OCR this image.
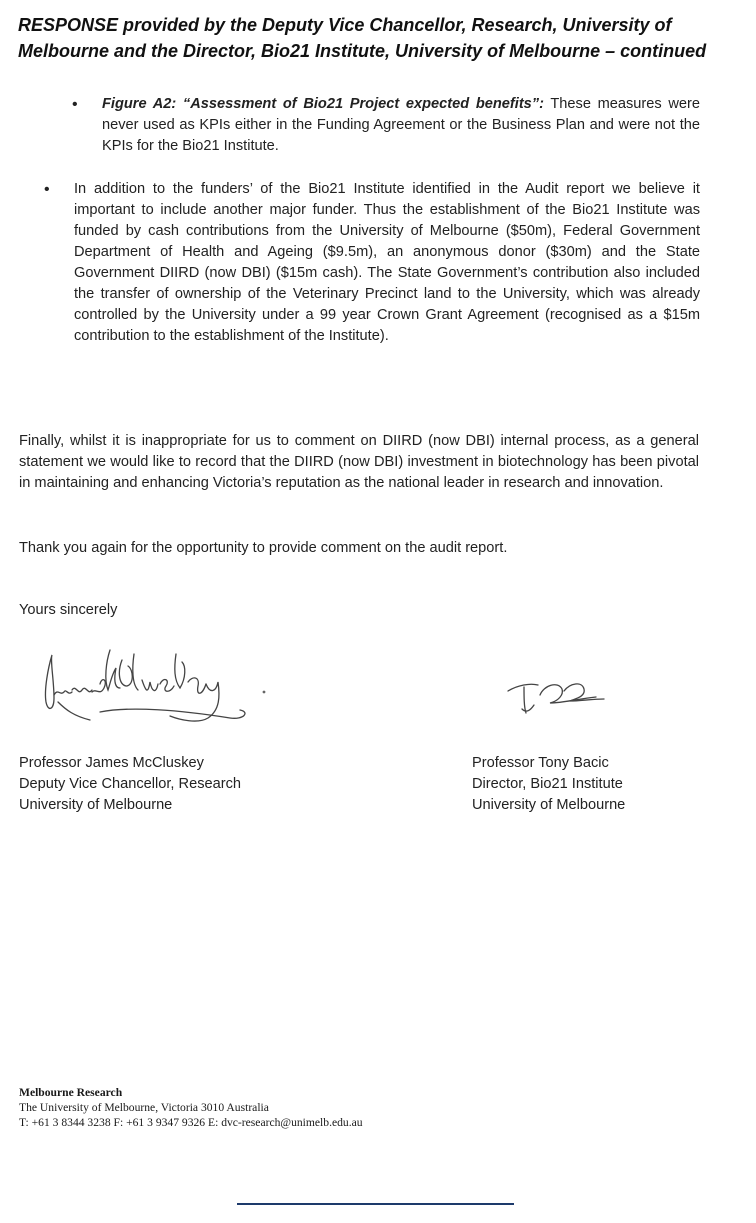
RESPONSE provided by the Deputy Vice Chancellor, Research, University of
Melbourne and the Director, Bio21 Institute, University of Melbourne – continued
•	Figure A2: “Assessment of Bio21 Project expected benefits”: These measures were never used as KPIs either in the Funding Agreement or the Business Plan and were not the KPIs for the Bio21 Institute.
•	In addition to the funders’ of the Bio21 Institute identified in the Audit report we believe it important to include another major funder. Thus the establishment of the Bio21 Institute was funded by cash contributions from the University of Melbourne ($50m), Federal Government Department of Health and Ageing ($9.5m), an anonymous donor ($30m) and the State Government DIIRD (now DBI) ($15m cash). The State Government’s contribution also included the transfer of ownership of the Veterinary Precinct land to the University, which was already controlled by the University under a 99 year Crown Grant Agreement (recognised as a $15m contribution to the establishment of the Institute).
Finally, whilst it is inappropriate for us to comment on DIIRD (now DBI) internal process, as a general statement we would like to record that the DIIRD (now DBI) investment in biotechnology has been pivotal in maintaining and enhancing Victoria’s reputation as the national leader in research and innovation.
Thank you again for the opportunity to provide comment on the audit report.
Yours sincerely
Professor James McCluskey
Deputy Vice Chancellor, Research
University of Melbourne
Professor Tony Bacic
Director, Bio21 Institute
University of Melbourne
Melbourne Research
The University of Melbourne, Victoria 3010 Australia
T: +61 3 8344 3238 F: +61 3 9347 9326 E: dvc-research@unimelb.edu.au
